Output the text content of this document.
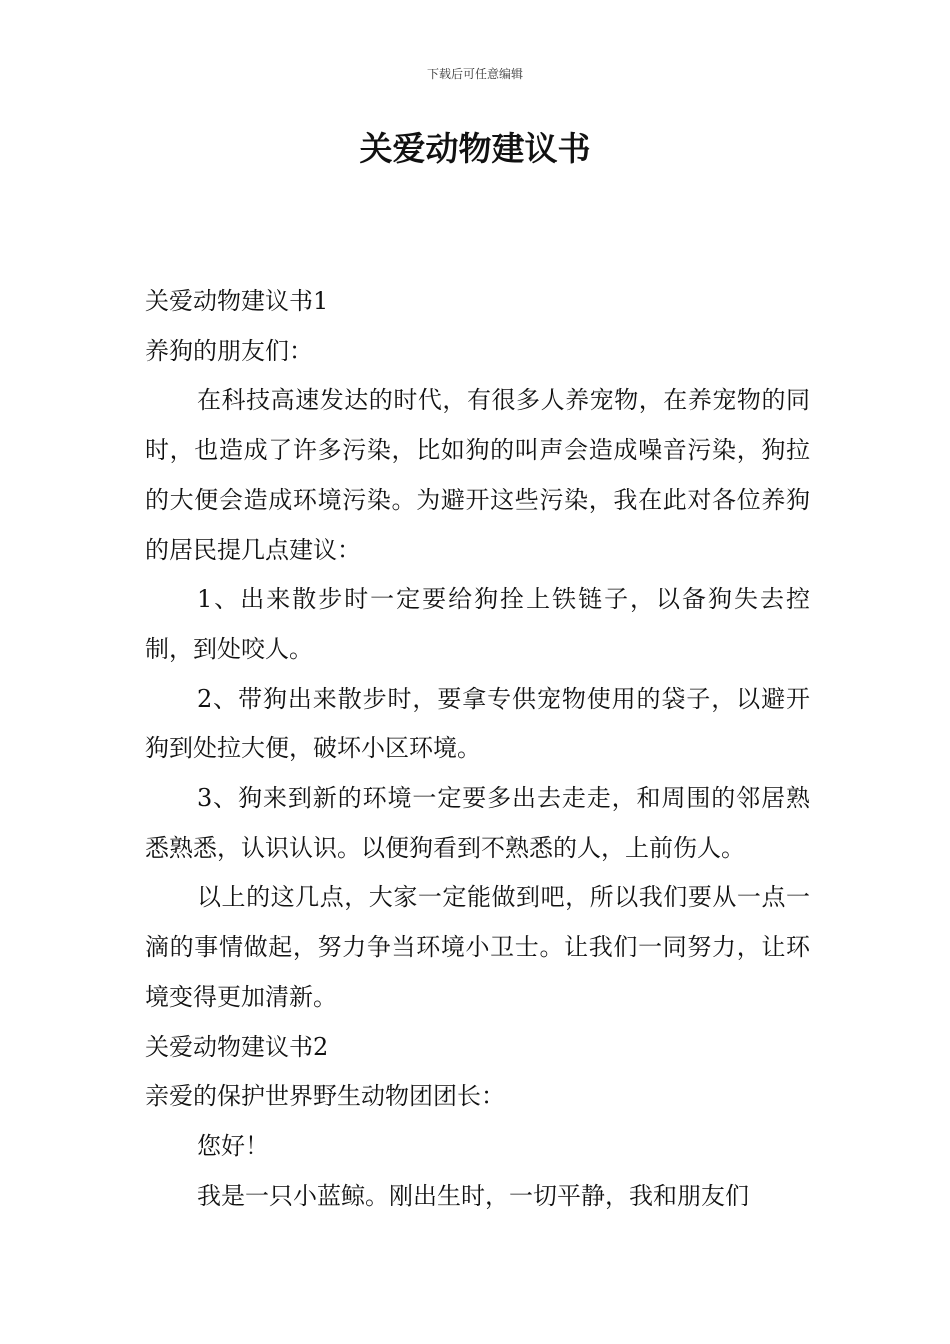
下载后可任意编辑
关爱动物建议书

关爱动物建议书1

养狗的朋友们：

在科技高速发达的时代，有很多人养宠物，在养宠物的同时，也造成了许多污染，比如狗的叫声会造成噪音污染，狗拉的大便会造成环境污染。为避开这些污染，我在此对各位养狗的居民提几点建议：

1、出来散步时一定要给狗拴上铁链子，以备狗失去控制，到处咬人。

2、带狗出来散步时，要拿专供宠物使用的袋子，以避开狗到处拉大便，破坏小区环境。

3、狗来到新的环境一定要多出去走走，和周围的邻居熟悉熟悉，认识认识。以便狗看到不熟悉的人，上前伤人。

以上的这几点，大家一定能做到吧，所以我们要从一点一滴的事情做起，努力争当环境小卫士。让我们一同努力，让环境变得更加清新。

关爱动物建议书2

亲爱的保护世界野生动物团团长：

您好！

我是一只小蓝鲸。刚出生时，一切平静，我和朋友们
